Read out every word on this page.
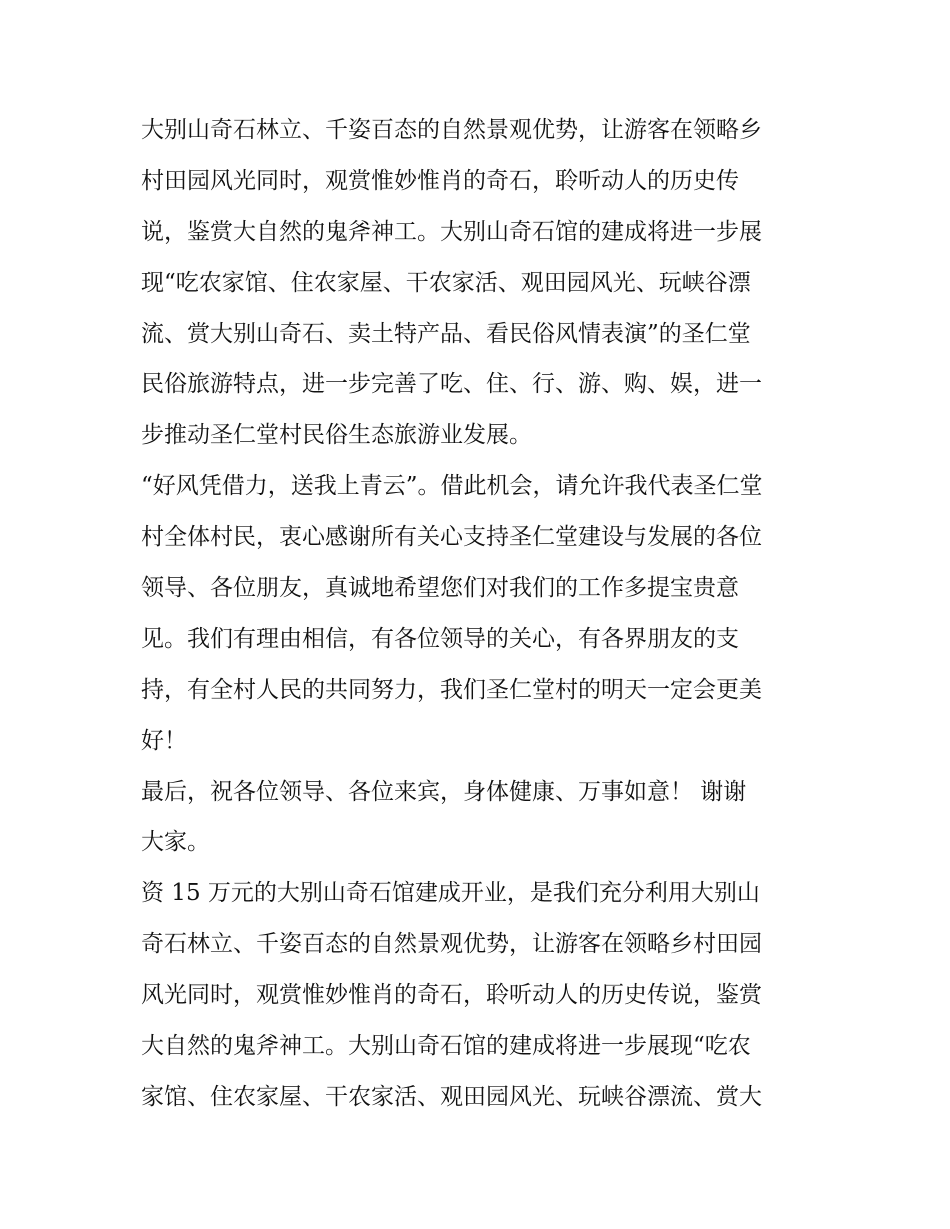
大别山奇石林立、千姿百态的自然景观优势，让游客在领略乡
村田园风光同时，观赏惟妙惟肖的奇石，聆听动人的历史传
说，鉴赏大自然的鬼斧神工。大别山奇石馆的建成将进一步展
现“吃农家馆、住农家屋、干农家活、观田园风光、玩峡谷漂
流、赏大别山奇石、卖土特产品、看民俗风情表演”的圣仁堂
民俗旅游特点，进一步完善了吃、住、行、游、购、娱，进一
步推动圣仁堂村民俗生态旅游业发展。
“好风凭借力，送我上青云”。借此机会，请允许我代表圣仁堂
村全体村民，衷心感谢所有关心支持圣仁堂建设与发展的各位
领导、各位朋友，真诚地希望您们对我们的工作多提宝贵意
见。我们有理由相信，有各位领导的关心，有各界朋友的支
持，有全村人民的共同努力，我们圣仁堂村的明天一定会更美
好！
最后，祝各位领导、各位来宾，身体健康、万事如意！ 谢谢
大家。
资 15 万元的大别山奇石馆建成开业，是我们充分利用大别山
奇石林立、千姿百态的自然景观优势，让游客在领略乡村田园
风光同时，观赏惟妙惟肖的奇石，聆听动人的历史传说，鉴赏
大自然的鬼斧神工。大别山奇石馆的建成将进一步展现“吃农
家馆、住农家屋、干农家活、观田园风光、玩峡谷漂流、赏大
